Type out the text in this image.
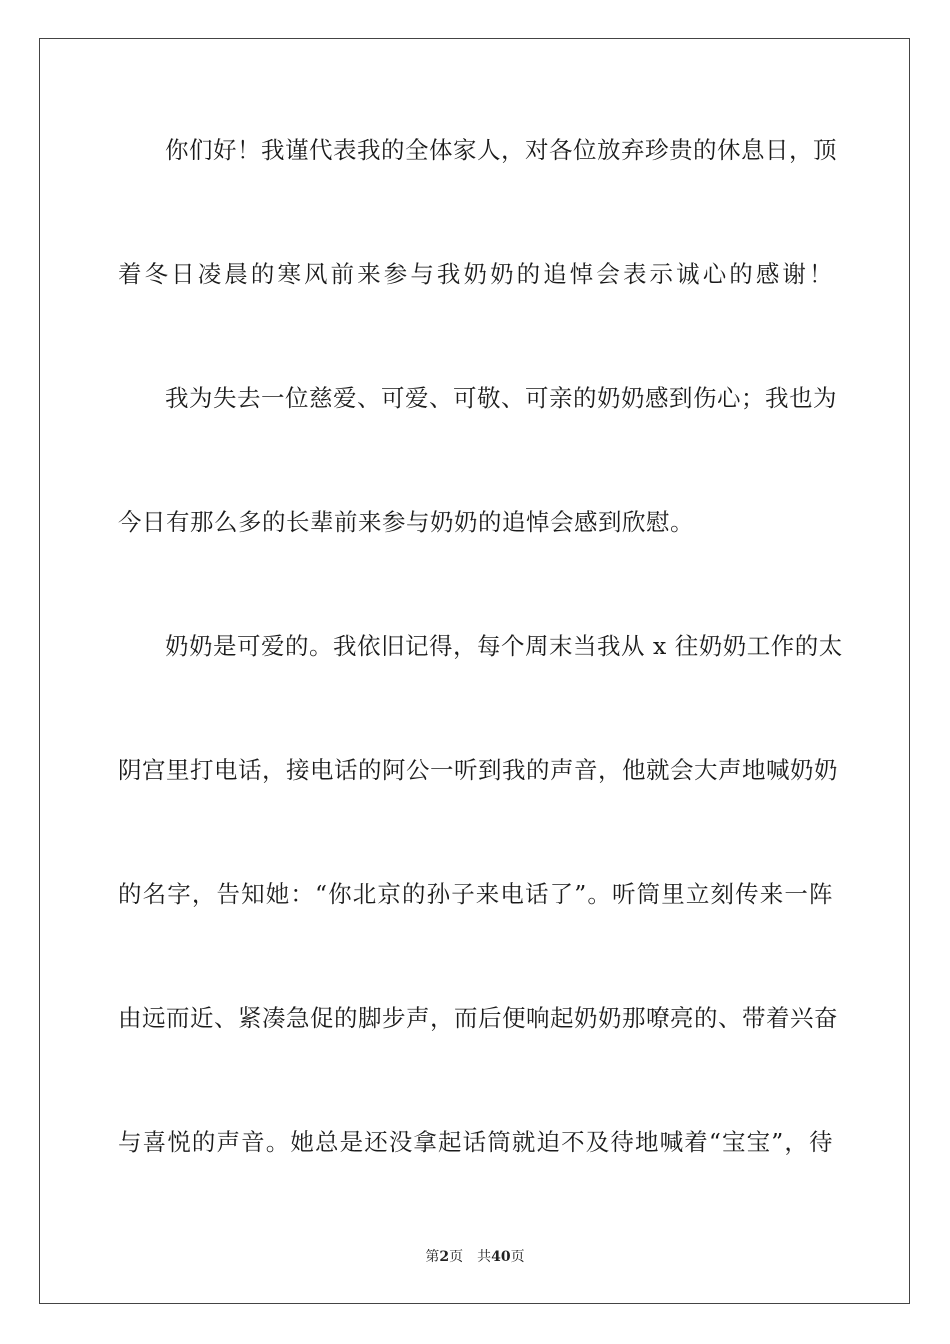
你们好！我谨代表我的全体家人，对各位放弃珍贵的休息日，顶
着冬日凌晨的寒风前来参与我奶奶的追悼会表示诚心的感谢！
我为失去一位慈爱、可爱、可敬、可亲的奶奶感到伤心；我也为
今日有那么多的长辈前来参与奶奶的追悼会感到欣慰。
奶奶是可爱的。我依旧记得，每个周末当我从 x 往奶奶工作的太
阴宫里打电话，接电话的阿公一听到我的声音，他就会大声地喊奶奶
的名字，告知她：“你北京的孙子来电话了”。听筒里立刻传来一阵
由远而近、紧凑急促的脚步声，而后便响起奶奶那嘹亮的、带着兴奋
与喜悦的声音。她总是还没拿起话筒就迫不及待地喊着“宝宝”，待
第2页 共40页
